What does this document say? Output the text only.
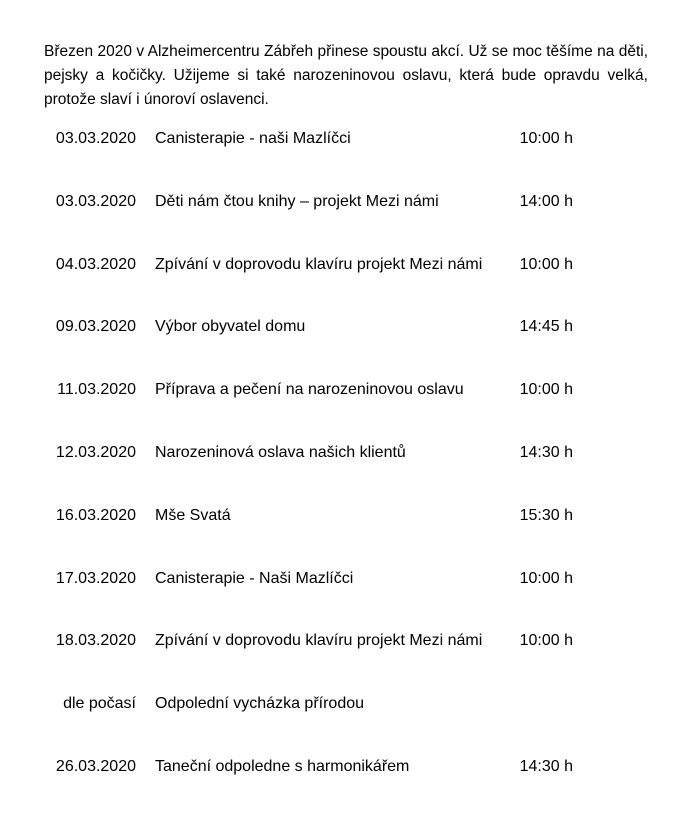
Březen 2020 v Alzheimercentru Zábřeh přinese spoustu akcí. Už se moc těšíme na děti, pejsky a kočičky. Užijeme si také narozeninovou oslavu, která bude opravdu velká, protože slaví i únoroví oslavenci.

03.03.2020 Canisterapie - naši Mazlíčci	10:00 h
03.03.2020 Děti nám čtou knihy – projekt Mezi námi	14:00 h
04.03.2020 Zpívání v doprovodu klavíru projekt Mezi námi 10:00 h
09.03.2020 Výbor obyvatel domu	14:45 h
11.03.2020 Příprava a pečení na narozeninovou oslavu	10:00 h
12.03.2020 Narozeninová oslava našich klientů	14:30 h
16.03.2020 Mše Svatá	15:30 h
17.03.2020 Canisterapie - Naši Mazlíčci	10:00 h
18.03.2020 Zpívání v doprovodu klavíru projekt Mezi námi 10:00 h
dle počasí Odpolední vycházka přírodou
26.03.2020 Taneční odpoledne s harmonikářem	14:30 h
